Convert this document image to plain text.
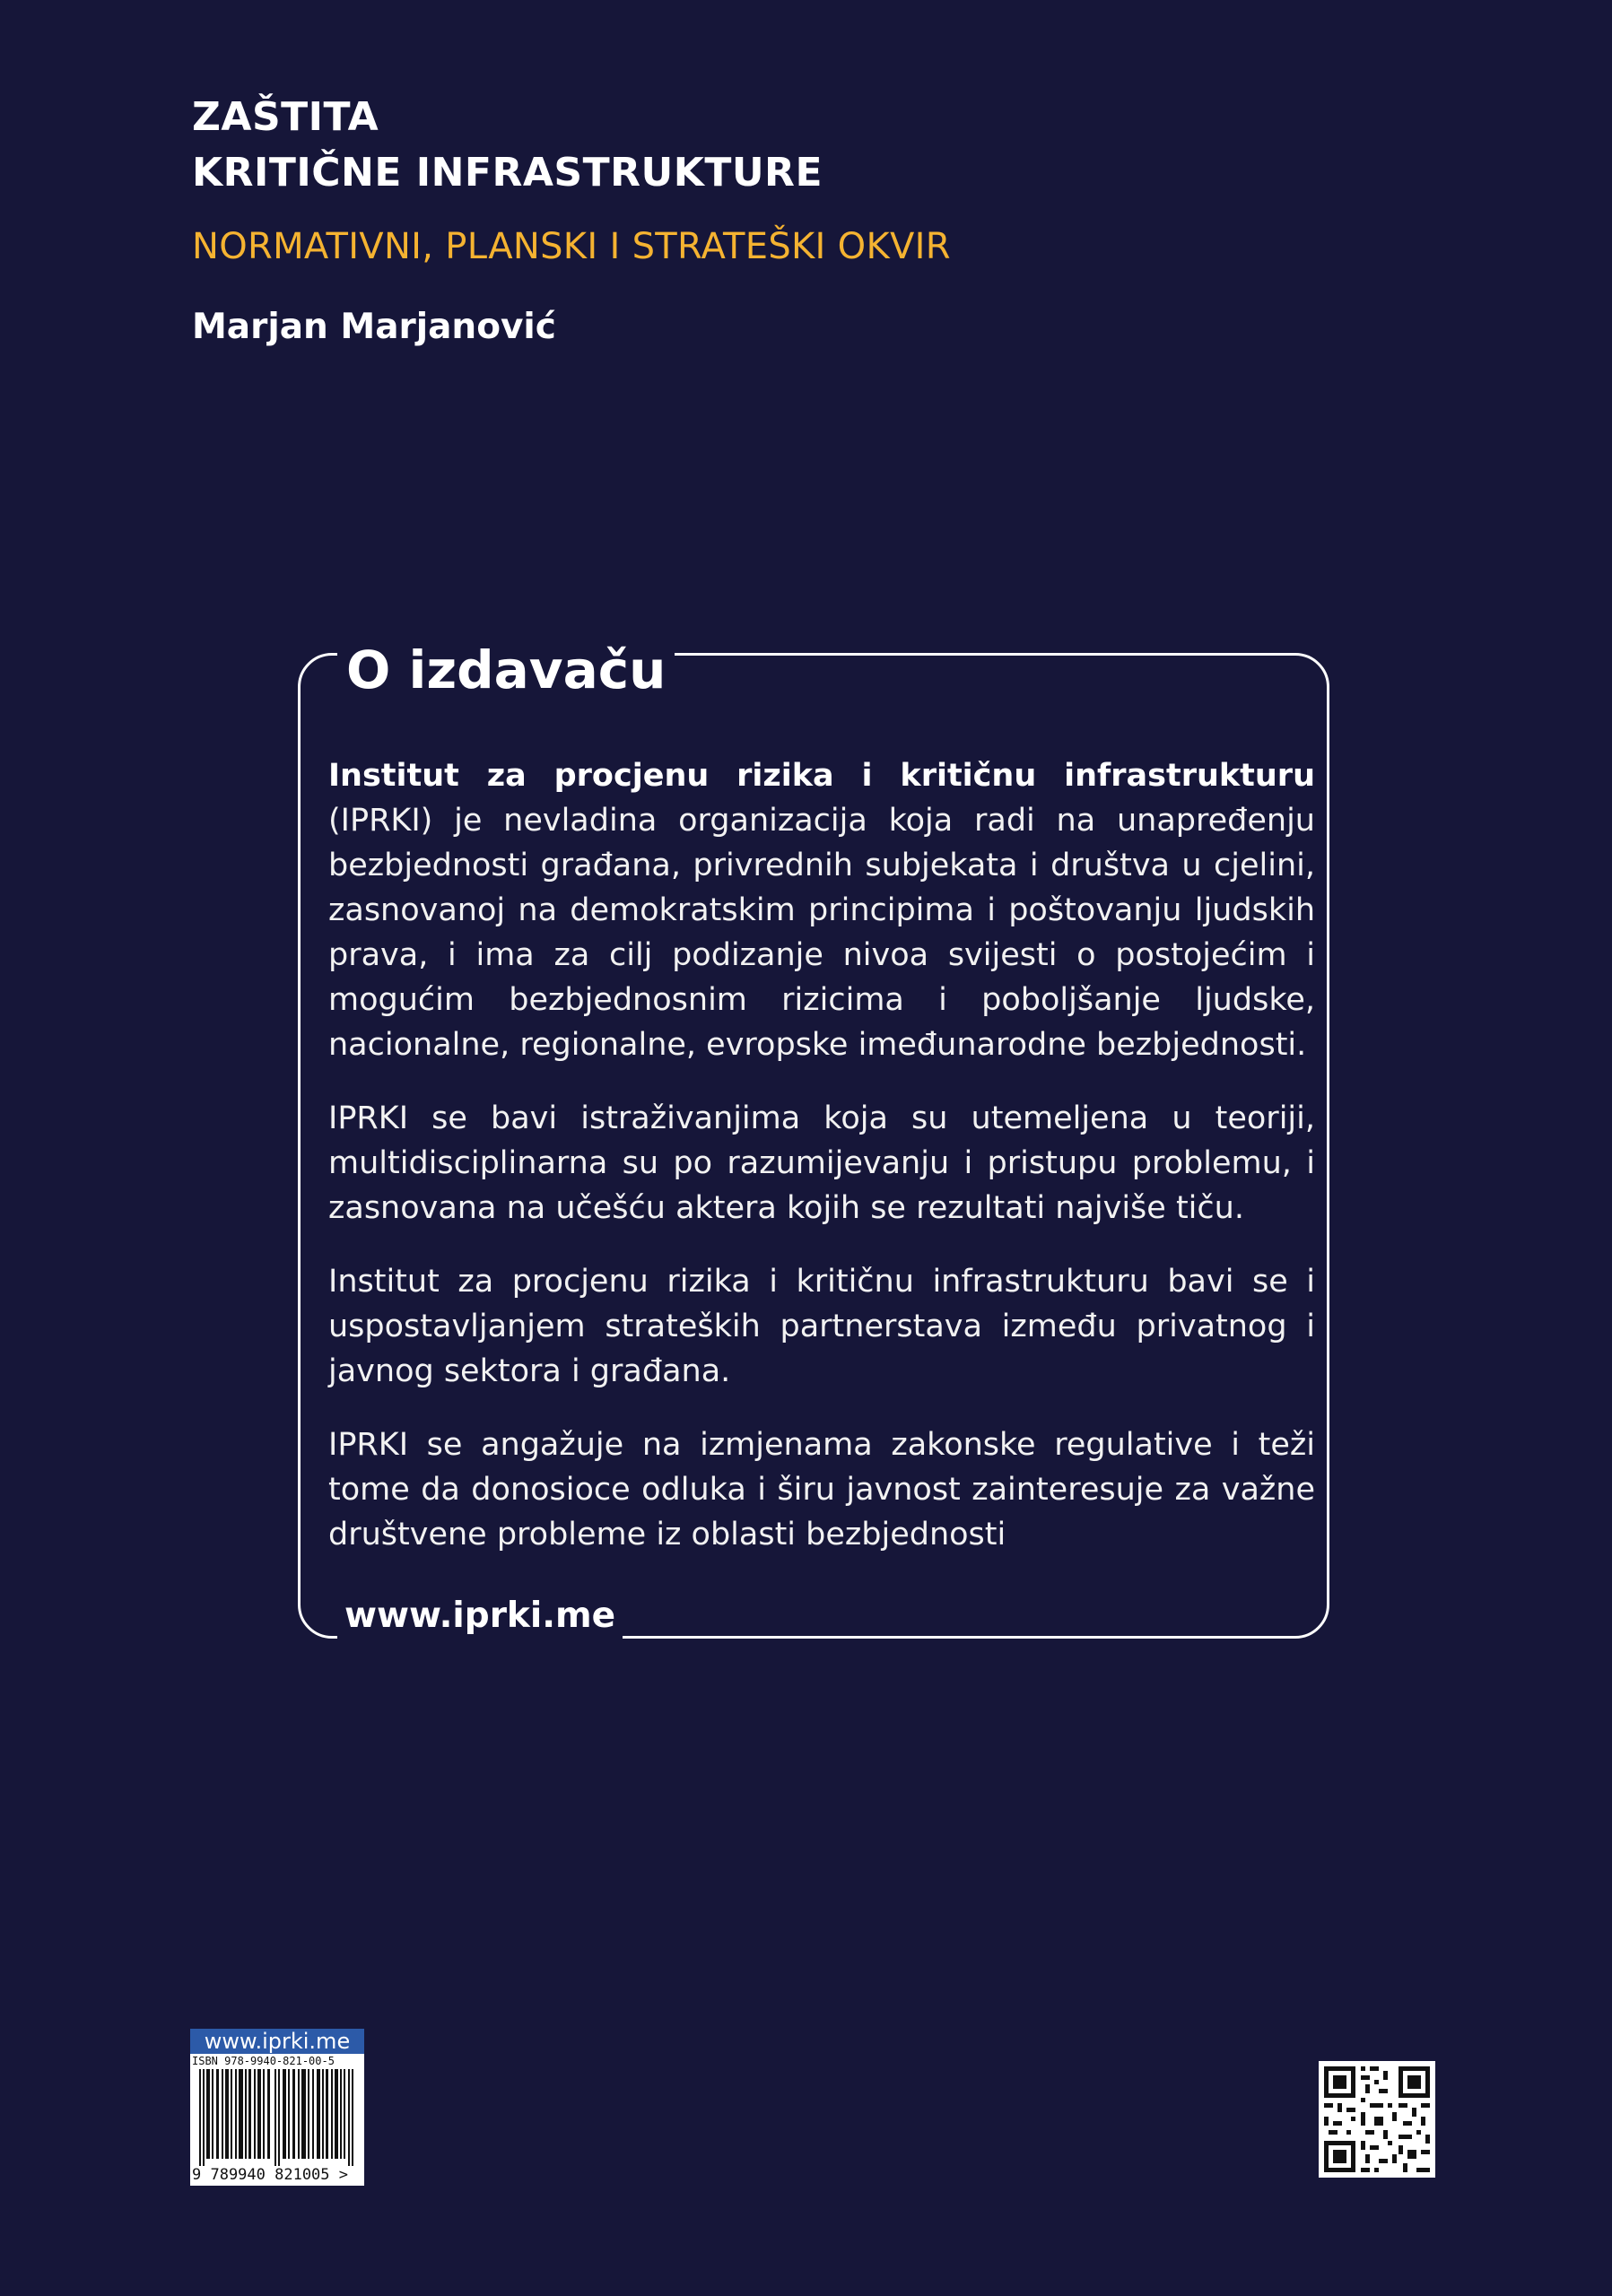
ZAŠTITA
KRITIČNE INFRASTRUKTURE
NORMATIVNI, PLANSKI I STRATEŠKI OKVIR
Marjan Marjanović
O izdavaču

Institut za procjenu rizika i kritičnu infrastrukturu (IPRKI) je nevladina organizacija koja radi na unapređenju bezbjednosti građana, privrednih subjekata i društva u cjelini, zasnovanoj na demokratskim principima i poštovanju ljudskih prava, i ima za cilj podizanje nivoa svijesti o postojećim i mogućim bezbjednosnim rizicima i poboljšanje ljudske, nacionalne, regionalne, evropske imeđunarodne bezbjednosti.

IPRKI se bavi istraživanjima koja su utemeljena u teoriji, multidisciplinarna su po razumijevanju i pristupu problemu, i zasnovana na učešću aktera kojih se rezultati najviše tiču.

Institut za procjenu rizika i kritičnu infrastrukturu bavi se i uspostavljanjem strateških partnerstava između privatnog i javnog sektora i građana.

IPRKI se angažuje na izmjenama zakonske regulative i teži tome da donosioce odluka i širu javnost zainteresuje za važne društvene probleme iz oblasti bezbjednosti

www.iprki.me
www.iprki.me
ISBN 978-9940-821-00-5
9 789940 821005 >
